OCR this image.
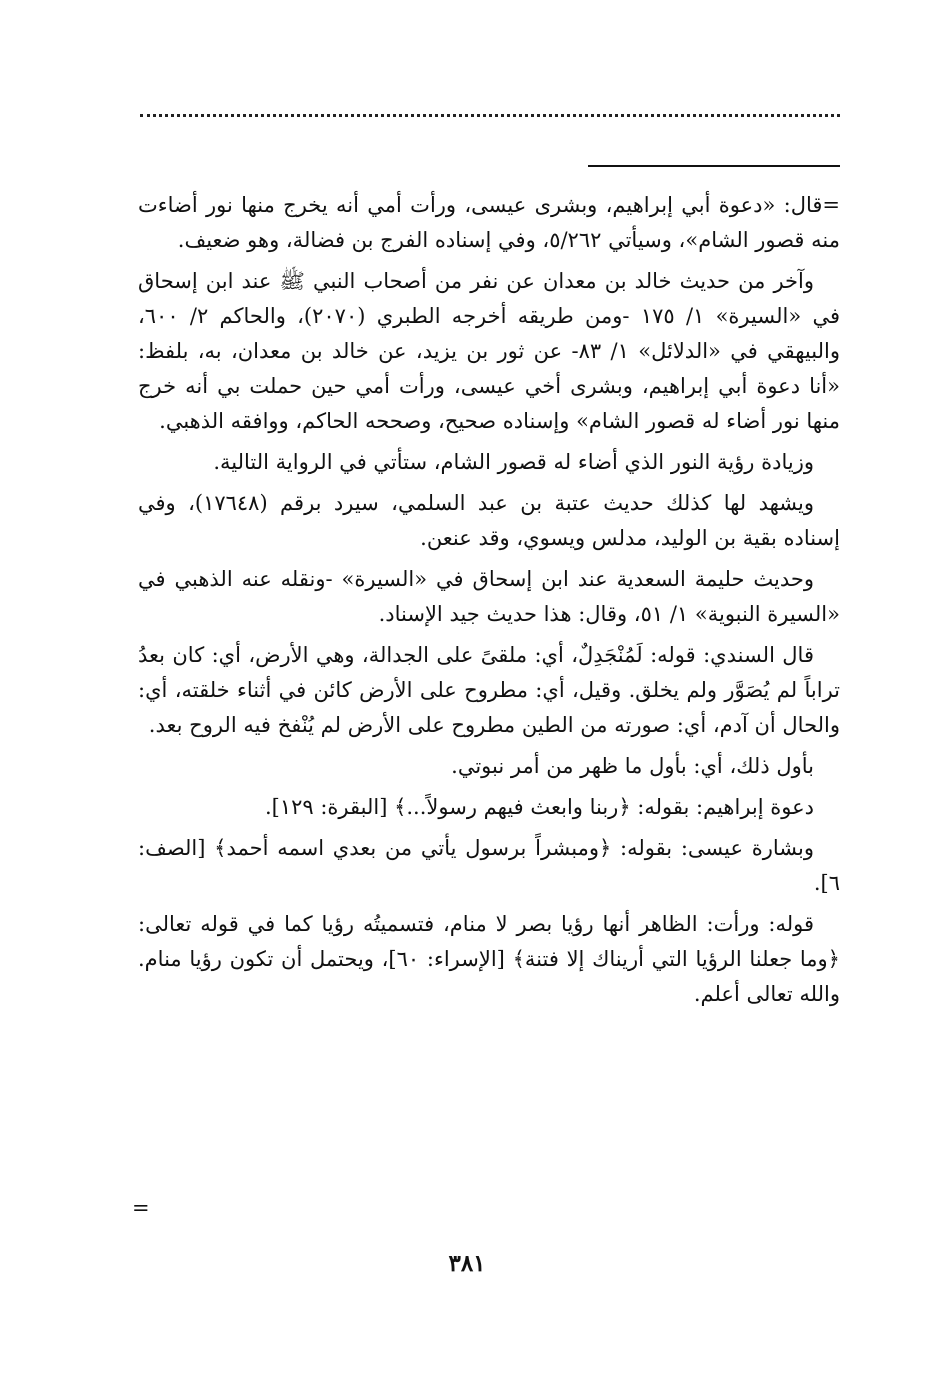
=قال: «دعوة أبي إبراهيم، وبشرى عيسى، ورأت أمي أنه يخرج منها نور أضاءت منه قصور الشام»، وسيأتي ٥/٢٦٢، وفي إسناده الفرج بن فضالة، وهو ضعيف.

وآخر من حديث خالد بن معدان عن نفر من أصحاب النبي ﷺ عند ابن إسحاق في «السيرة» ١/ ١٧٥ -ومن طريقه أخرجه الطبري (٢٠٧٠)، والحاكم ٢/ ٦٠٠، والبيهقي في «الدلائل» ١/ ٨٣- عن ثور بن يزيد، عن خالد بن معدان، به، بلفظ: «أنا دعوة أبي إبراهيم، وبشرى أخي عيسى، ورأت أمي حين حملت بي أنه خرج منها نور أضاء له قصور الشام» وإسناده صحيح، وصححه الحاكم، ووافقه الذهبي.

وزيادة رؤية النور الذي أضاء له قصور الشام، ستأتي في الرواية التالية.

ويشهد لها كذلك حديث عتبة بن عبد السلمي، سيرد برقم (١٧٦٤٨)، وفي إسناده بقية بن الوليد، مدلس ويسوي، وقد عنعن.

وحديث حليمة السعدية عند ابن إسحاق في «السيرة» -ونقله عنه الذهبي في «السيرة النبوية» ١/ ٥١، وقال: هذا حديث جيد الإسناد.

قال السندي: قوله: لَمُنْجَدِلٌ، أي: ملقىً على الجدالة، وهي الأرض، أي: كان بعدُ تراباً لم يُصَوَّر ولم يخلق. وقيل، أي: مطروح على الأرض كائن في أثناء خلقته، أي: والحال أن آدم، أي: صورته من الطين مطروح على الأرض لم يُنْفخ فيه الروح بعد.

بأول ذلك، أي: بأول ما ظهر من أمر نبوتي.

دعوة إبراهيم: بقوله: ﴿ربنا وابعث فيهم رسولاً...﴾ [البقرة: ١٢٩].

وبشارة عيسى: بقوله: ﴿ومبشراً برسول يأتي من بعدي اسمه أحمد﴾ [الصف: ٦].

قوله: ورأت: الظاهر أنها رؤيا بصر لا منام، فتسميتُه رؤيا كما في قوله تعالى: ﴿وما جعلنا الرؤيا التي أريناك إلا فتنة﴾ [الإسراء: ٦٠]، ويحتمل أن تكون رؤيا منام. والله تعالى أعلم.

=
٣٨١
